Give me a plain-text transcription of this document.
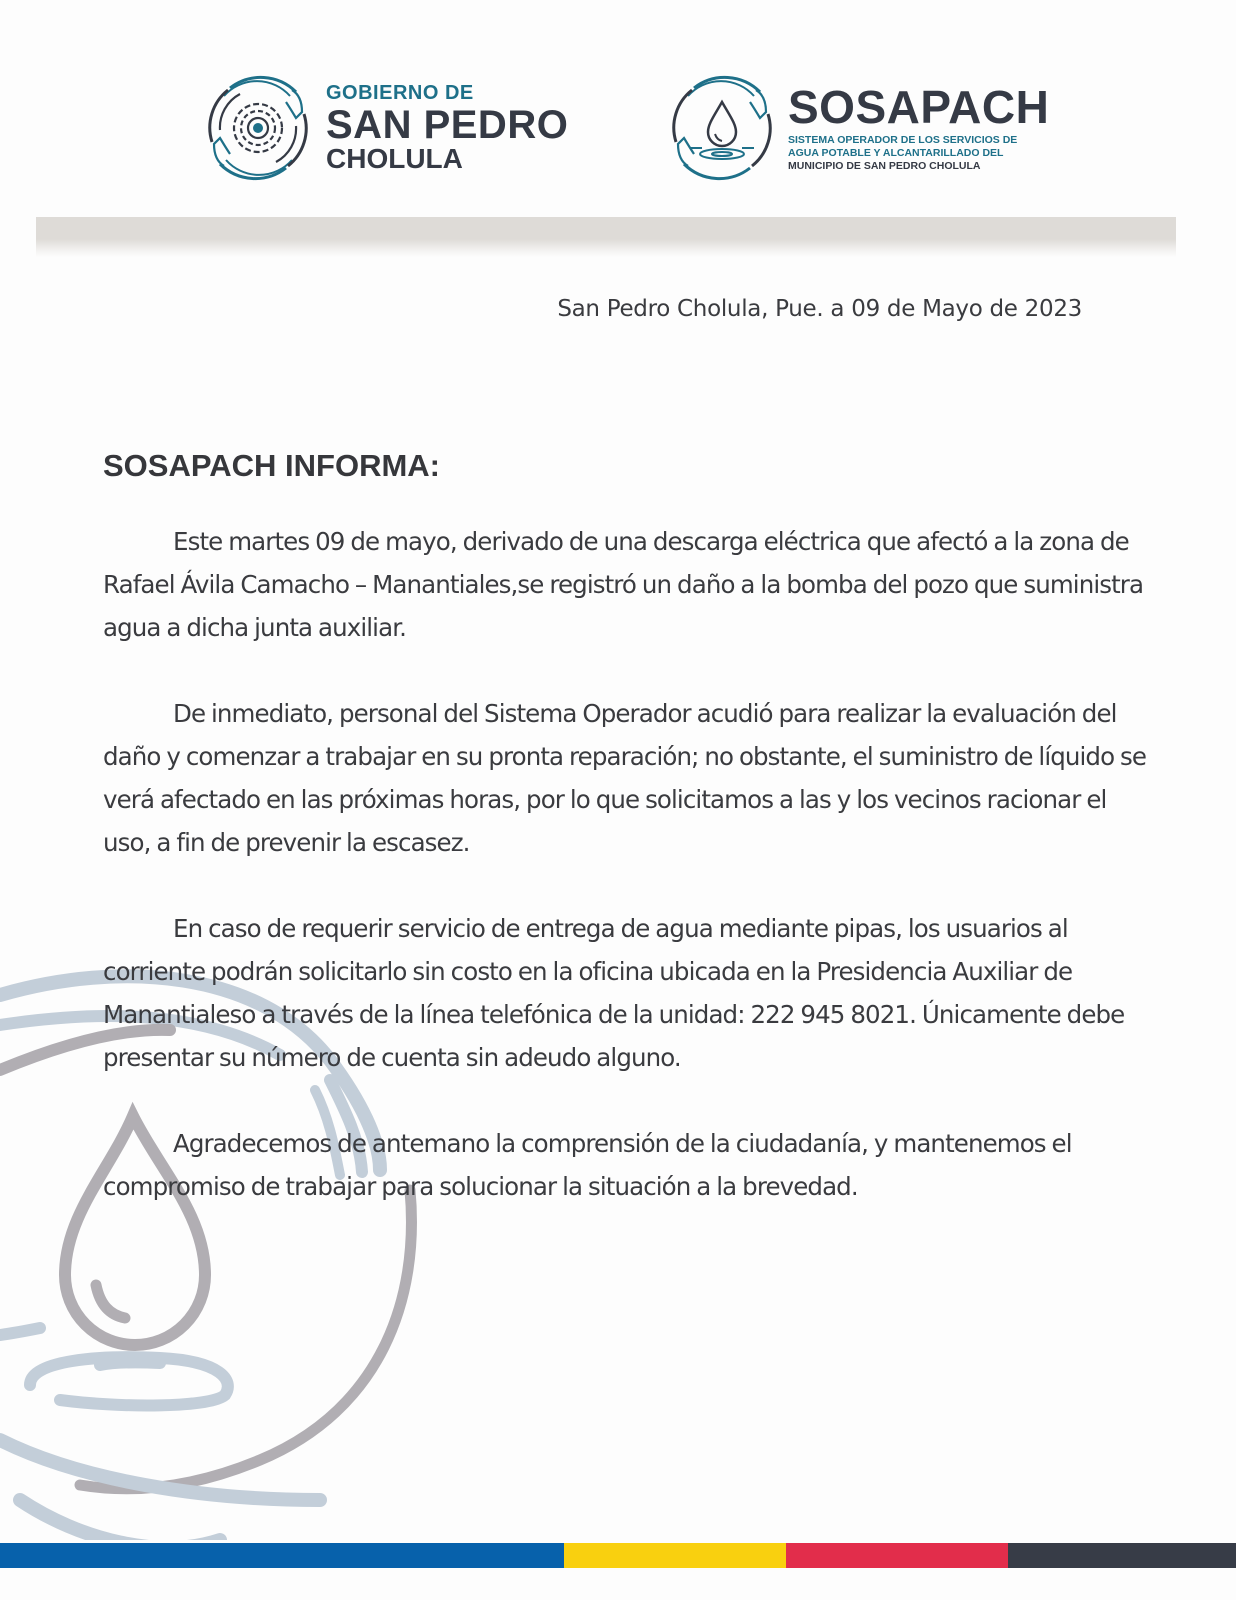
GOBIERNO DE
SAN PEDRO
CHOLULA
SOSAPACH
SISTEMA OPERADOR DE LOS SERVICIOS DE
AGUA POTABLE Y ALCANTARILLADO DEL
MUNICIPIO DE SAN PEDRO CHOLULA
San Pedro Cholula, Pue. a 09 de Mayo de 2023
SOSAPACH INFORMA:

Este martes 09 de mayo, derivado de una descarga eléctrica que afectó a la zona de Rafael Ávila Camacho – Manantiales,se registró un daño a la bomba del pozo que suministra agua a dicha junta auxiliar.

De inmediato, personal del Sistema Operador acudió para realizar la evaluación del daño y comenzar a trabajar en su pronta reparación; no obstante, el suministro de líquido se verá afectado en las próximas horas, por lo que solicitamos a las y los vecinos racionar el uso, a fin de prevenir la escasez.

En caso de requerir servicio de entrega de agua mediante pipas, los usuarios al corriente podrán solicitarlo sin costo en la oficina ubicada en la Presidencia Auxiliar de Manantialeso a través de la línea telefónica de la unidad: 222 945 8021. Únicamente debe presentar su número de cuenta sin adeudo alguno.

Agradecemos de antemano la comprensión de la ciudadanía, y mantenemos el compromiso de trabajar para solucionar la situación a la brevedad.
